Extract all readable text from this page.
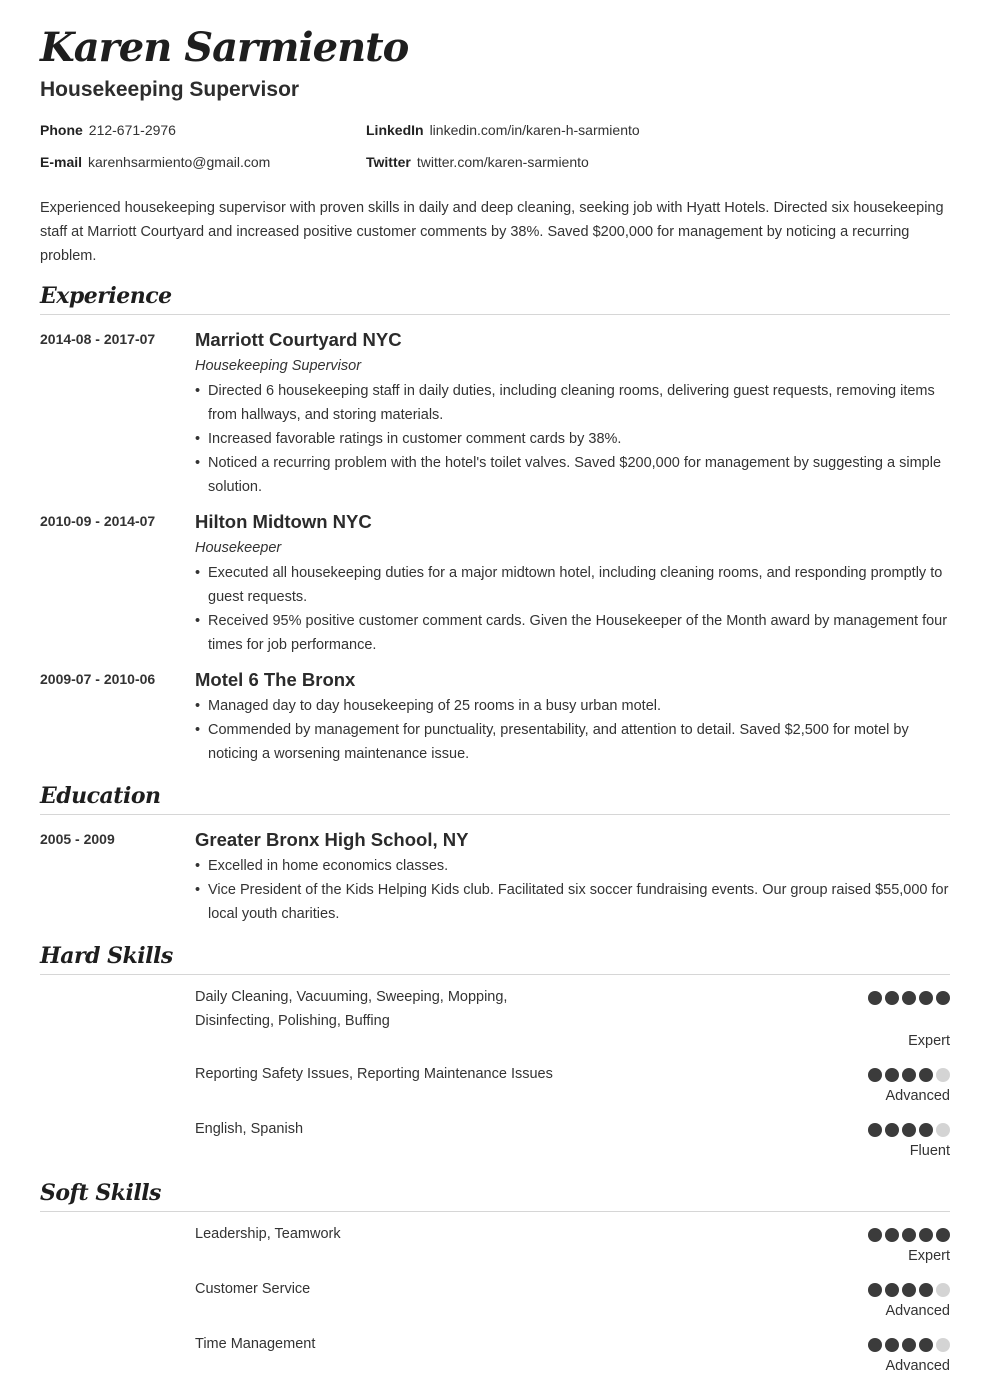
Karen Sarmiento
Housekeeping Supervisor
Phone 212-671-2976
E-mail karenhsarmiento@gmail.com
LinkedIn linkedin.com/in/karen-h-sarmiento
Twitter twitter.com/karen-sarmiento
Experienced housekeeping supervisor with proven skills in daily and deep cleaning, seeking job with Hyatt Hotels. Directed six housekeeping staff at Marriott Courtyard and increased positive customer comments by 38%. Saved $200,000 for management by noticing a recurring problem.
Experience
2014-08 - 2017-07 Marriott Courtyard NYC
Housekeeping Supervisor
• Directed 6 housekeeping staff in daily duties, including cleaning rooms, delivering guest requests, removing items from hallways, and storing materials.
• Increased favorable ratings in customer comment cards by 38%.
• Noticed a recurring problem with the hotel's toilet valves. Saved $200,000 for management by suggesting a simple solution.
2010-09 - 2014-07 Hilton Midtown NYC
Housekeeper
• Executed all housekeeping duties for a major midtown hotel, including cleaning rooms, and responding promptly to guest requests.
• Received 95% positive customer comment cards. Given the Housekeeper of the Month award by management four times for job performance.
2009-07 - 2010-06 Motel 6 The Bronx
• Managed day to day housekeeping of 25 rooms in a busy urban motel.
• Commended by management for punctuality, presentability, and attention to detail. Saved $2,500 for motel by noticing a worsening maintenance issue.
Education
2005 - 2009	Greater Bronx High School, NY
• Excelled in home economics classes.
• Vice President of the Kids Helping Kids club. Facilitated six soccer fundraising events. Our group raised $55,000 for local youth charities.
Hard Skills
Daily Cleaning, Vacuuming, Sweeping, Mopping, Disinfecting, Polishing, Buffing
Expert
Reporting Safety Issues, Reporting Maintenance Issues
Advanced
English, Spanish
Fluent
Soft Skills
Leadership, Teamwork
Expert
Customer Service
Advanced
Time Management
Advanced
